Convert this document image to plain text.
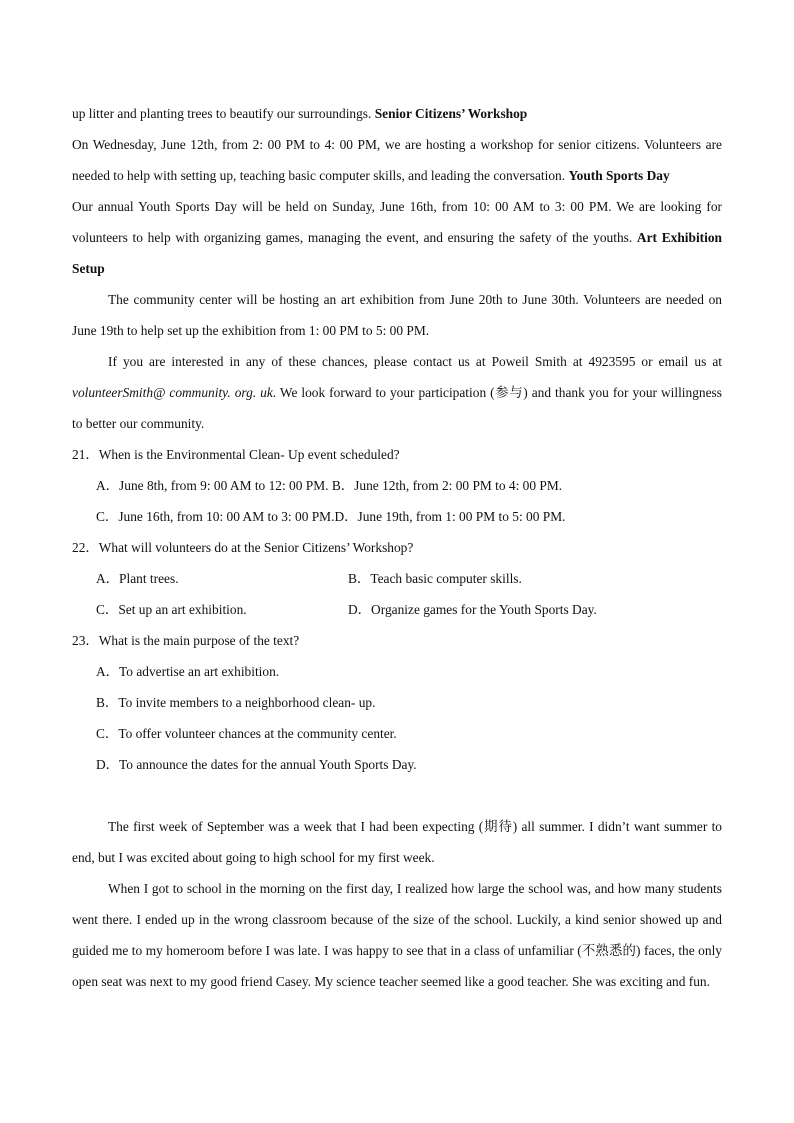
up litter and planting trees to beautify our surroundings. Senior Citizens’ Workshop

On Wednesday, June 12th, from 2: 00 PM to 4: 00 PM, we are hosting a workshop for senior citizens. Volunteers are needed to help with setting up, teaching basic computer skills, and leading the conversation. Youth Sports Day

Our annual Youth Sports Day will be held on Sunday, June 16th, from 10: 00 AM to 3: 00 PM. We are looking for volunteers to help with organizing games, managing the event, and ensuring the safety of the youths. Art Exhibition Setup

The community center will be hosting an art exhibition from June 20th to June 30th. Volunteers are needed on June 19th to help set up the exhibition from 1: 00 PM to 5: 00 PM.

If you are interested in any of these chances, please contact us at Poweil Smith at 4923595 or email us at volunteerSmith@ community. org. uk. We look forward to your participation (参与) and thank you for your willingness to better our community.

21．When is the Environmental Clean- Up event scheduled?

A．June 8th, from 9: 00 AM to 12: 00 PM.
B．June 12th, from 2: 00 PM to 4: 00 PM.
C．June 16th, from 10: 00 AM to 3: 00 PM. D．June 19th, from 1: 00 PM to 5: 00 PM.

22．What will volunteers do at the Senior Citizens’ Workshop?

A．Plant trees.	B．Teach basic computer skills.
C．Set up an art exhibition.	D．Organize games for the Youth Sports Day.

23．What is the main purpose of the text?

A．To advertise an art exhibition.

B．To invite members to a neighborhood clean- up.

C．To offer volunteer chances at the community center.

D．To announce the dates for the annual Youth Sports Day.

The first week of September was a week that I had been expecting (期待) all summer. I didn’t want summer to end, but I was excited about going to high school for my first week.

When I got to school in the morning on the first day, I realized how large the school was, and how many students went there. I ended up in the wrong classroom because of the size of the school. Luckily, a kind senior showed up and guided me to my homeroom before I was late. I was happy to see that in a class of unfamiliar (不熟悉的) faces, the only open seat was next to my good friend Casey. My science teacher seemed like a good teacher. She was exciting and fun.
